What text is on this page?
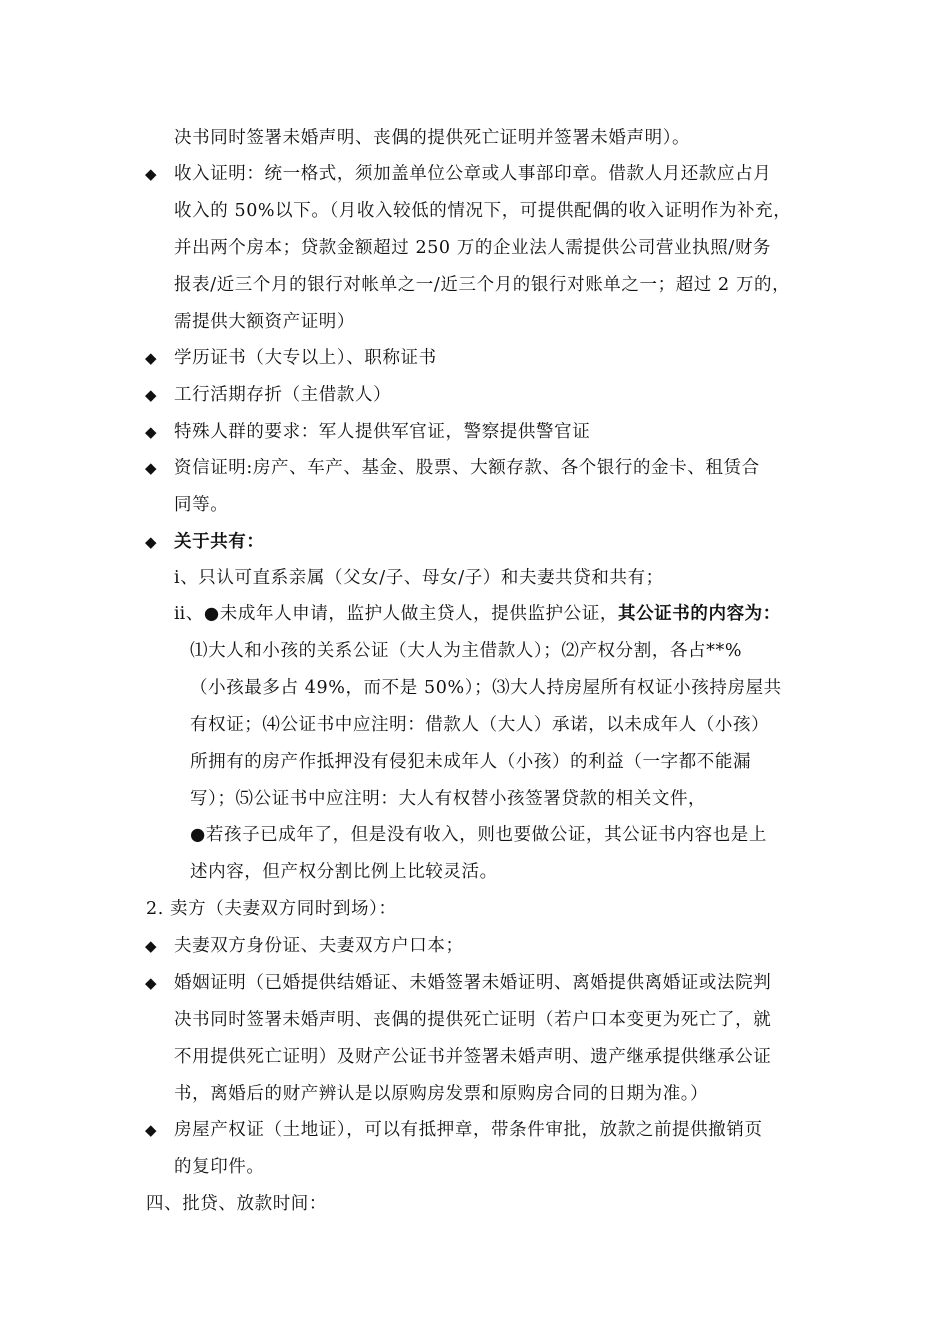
决书同时签署未婚声明、丧偶的提供死亡证明并签署未婚声明）。
◆ 收入证明：统一格式，须加盖单位公章或人事部印章。借款人月还款应占月
收入的 50%以下。（月收入较低的情况下，可提供配偶的收入证明作为补充，
并出两个房本；贷款金额超过 250 万的企业法人需提供公司营业执照/财务
报表/近三个月的银行对帐单之一/近三个月的银行对账单之一；超过 2 万的，
需提供大额资产证明）
◆ 学历证书（大专以上）、职称证书
◆ 工行活期存折（主借款人）
◆ 特殊人群的要求：军人提供军官证，警察提供警官证
◆ 资信证明:房产、车产、基金、股票、大额存款、各个银行的金卡、租赁合
同等。
◆ 关于共有：
ⅰ、只认可直系亲属（父女/子、母女/子）和夫妻共贷和共有；
ⅱ、●未成年人申请，监护人做主贷人，提供监护公证，其公证书的内容为：
⑴大人和小孩的关系公证（大人为主借款人）；⑵产权分割，各占**%
（小孩最多占 49%，而不是 50%）；⑶大人持房屋所有权证小孩持房屋共
有权证；⑷公证书中应注明：借款人（大人）承诺，以未成年人（小孩）
所拥有的房产作抵押没有侵犯未成年人（小孩）的利益（一字都不能漏
写）；⑸公证书中应注明：大人有权替小孩签署贷款的相关文件，
●若孩子已成年了，但是没有收入，则也要做公证，其公证书内容也是上
述内容，但产权分割比例上比较灵活。
2. 卖方（夫妻双方同时到场）：
◆ 夫妻双方身份证、夫妻双方户口本；
◆ 婚姻证明（已婚提供结婚证、未婚签署未婚证明、离婚提供离婚证或法院判
决书同时签署未婚声明、丧偶的提供死亡证明（若户口本变更为死亡了，就
不用提供死亡证明）及财产公证书并签署未婚声明、遗产继承提供继承公证
书，离婚后的财产辨认是以原购房发票和原购房合同的日期为准。）
◆ 房屋产权证（土地证），可以有抵押章，带条件审批，放款之前提供撤销页
的复印件。
四、批贷、放款时间：
